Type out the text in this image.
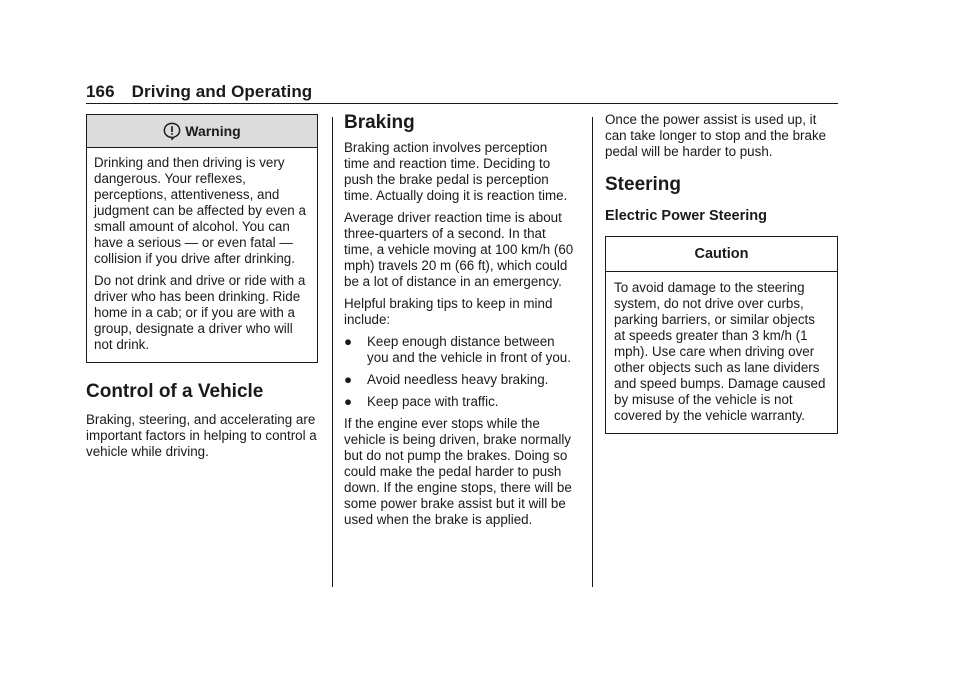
166 Driving and Operating
Warning

Drinking and then driving is very dangerous. Your reflexes, perceptions, attentiveness, and judgment can be affected by even a small amount of alcohol. You can have a serious — or even fatal — collision if you drive after drinking.

Do not drink and drive or ride with a driver who has been drinking. Ride home in a cab; or if you are with a group, designate a driver who will not drink.

Control of a Vehicle

Braking, steering, and accelerating are important factors in helping to control a vehicle while driving.

Braking

Braking action involves perception time and reaction time. Deciding to push the brake pedal is perception time. Actually doing it is reaction time.

Average driver reaction time is about three-quarters of a second. In that time, a vehicle moving at 100 km/h (60 mph) travels 20 m (66 ft), which could be a lot of distance in an emergency.

Helpful braking tips to keep in mind include:

●	Keep enough distance between you and the vehicle in front of you.
●	Avoid needless heavy braking.
●	Keep pace with traffic.

If the engine ever stops while the vehicle is being driven, brake normally but do not pump the brakes. Doing so could make the pedal harder to push down. If the engine stops, there will be some power brake assist but it will be used when the brake is applied.

Once the power assist is used up, it can take longer to stop and the brake pedal will be harder to push.

Steering
Electric Power Steering
Caution

To avoid damage to the steering system, do not drive over curbs, parking barriers, or similar objects at speeds greater than 3 km/h (1 mph). Use care when driving over other objects such as lane dividers and speed bumps. Damage caused by misuse of the vehicle is not covered by the vehicle warranty.
